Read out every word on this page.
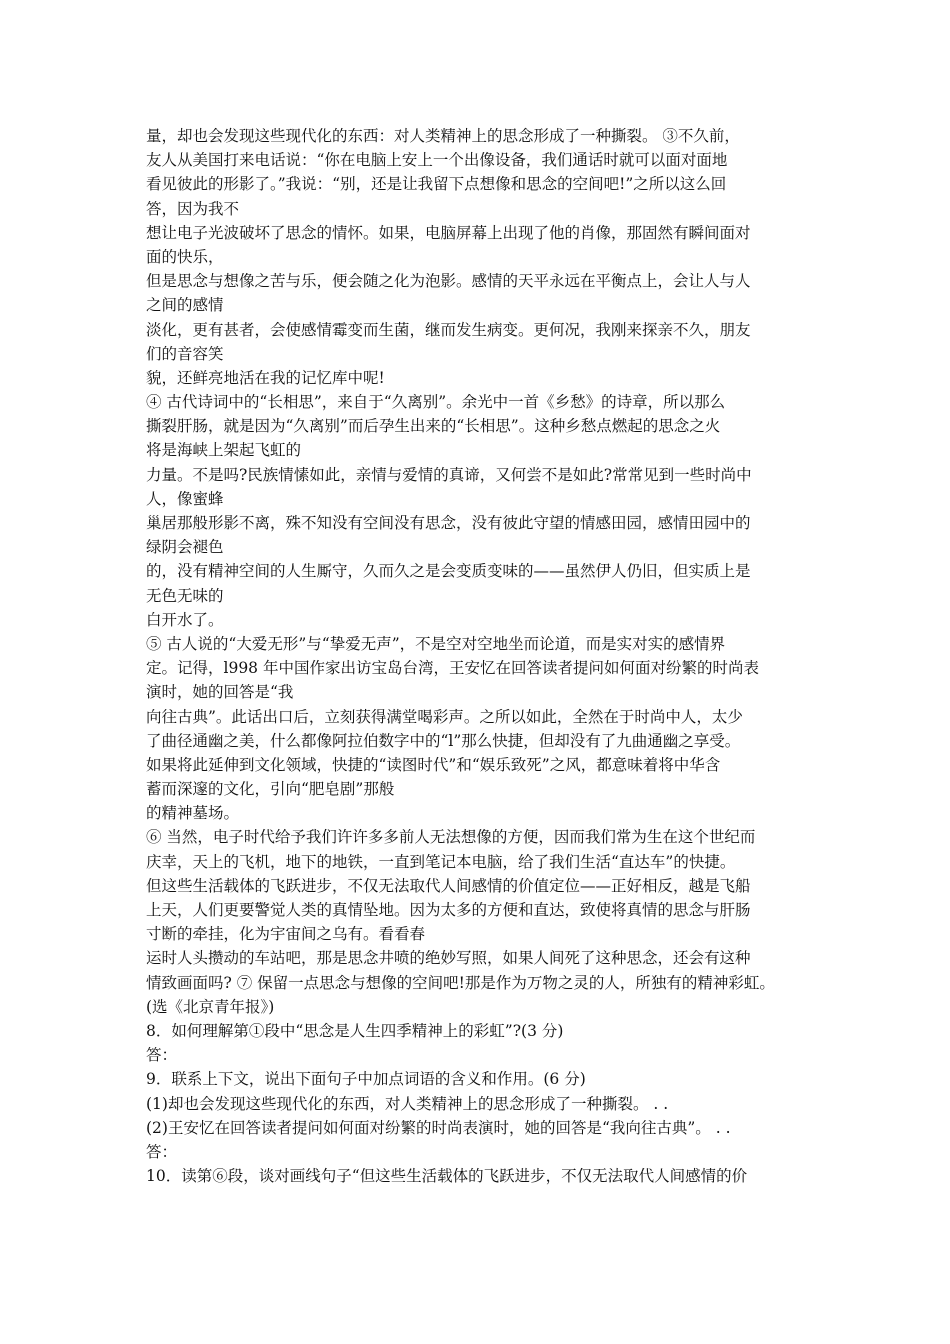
量，却也会发现这些现代化的东西：对人类精神上的思念形成了一种撕裂。 ③不久前，
友人从美国打来电话说：“你在电脑上安上一个出像设备，我们通话时就可以面对面地
看见彼此的形影了。”我说：“别，还是让我留下点想像和思念的空间吧!”之所以这么回
答，因为我不
想让电子光波破坏了思念的情怀。如果，电脑屏幕上出现了他的肖像，那固然有瞬间面对
面的快乐，
但是思念与想像之苦与乐，便会随之化为泡影。感情的天平永远在平衡点上，会让人与人
之间的感情
淡化，更有甚者，会使感情霉变而生菌，继而发生病变。更何况，我刚来探亲不久，朋友
们的音容笑
貌，还鲜亮地活在我的记忆库中呢!
④ 古代诗词中的“长相思”，来自于“久离别”。余光中一首《乡愁》的诗章，所以那么
撕裂肝肠，就是因为“久离别”而后孕生出来的“长相思”。这种乡愁点燃起的思念之火
将是海峡上架起飞虹的
力量。不是吗?民族情愫如此，亲情与爱情的真谛，又何尝不是如此?常常见到一些时尚中
人，像蜜蜂
巢居那般形影不离，殊不知没有空间没有思念，没有彼此守望的情感田园，感情田园中的
绿阴会褪色
的，没有精神空间的人生厮守，久而久之是会变质变味的——虽然伊人仍旧，但实质上是
无色无味的
白开水了。
⑤ 古人说的“大爱无形”与“挚爱无声”，不是空对空地坐而论道，而是实对实的感情界
定。记得，l998 年中国作家出访宝岛台湾，王安忆在回答读者提问如何面对纷繁的时尚表
演时，她的回答是“我
向往古典”。此话出口后，立刻获得满堂喝彩声。之所以如此，全然在于时尚中人，太少
了曲径通幽之美，什么都像阿拉伯数字中的“l”那么快捷，但却没有了九曲通幽之享受。
如果将此延伸到文化领域，快捷的“读图时代”和“娱乐致死”之风，都意味着将中华含
蓄而深邃的文化，引向“肥皂剧”那般
的精神墓场。
⑥ 当然，电子时代给予我们许许多多前人无法想像的方便，因而我们常为生在这个世纪而
庆幸，天上的飞机，地下的地铁，一直到笔记本电脑，给了我们生活“直达车”的快捷。
但这些生活载体的飞跃进步，不仅无法取代人间感情的价值定位——正好相反，越是飞船
上天，人们更要警觉人类的真情坠地。因为太多的方便和直达，致使将真情的思念与肝肠
寸断的牵挂，化为宇宙间之乌有。看看春
运时人头攒动的车站吧，那是思念井喷的绝妙写照，如果人间死了这种思念，还会有这种
情致画面吗? ⑦ 保留一点思念与想像的空间吧!那是作为万物之灵的人，所独有的精神彩虹。
(选《北京青年报》)
8．如何理解第①段中“思念是人生四季精神上的彩虹”?(3 分)
答：
9．联系上下文，说出下面句子中加点词语的含义和作用。(6 分)
(1)却也会发现这些现代化的东西，对人类精神上的思念形成了一种撕裂。 . .
(2)王安忆在回答读者提问如何面对纷繁的时尚表演时，她的回答是“我向往古典”。 . .
答：
10．读第⑥段，谈对画线句子“但这些生活载体的飞跃进步，不仅无法取代人间感情的价
